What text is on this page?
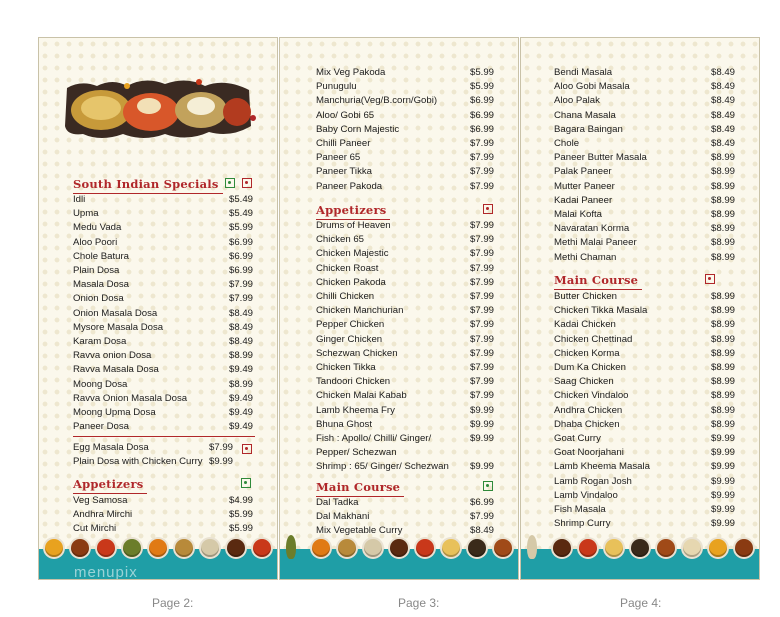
South Indian Specials
Idli	$5.49
Upma	$5.49
Medu Vada	$5.99
Aloo Poori	$6.99
Chole Batura	$6.99
Plain Dosa	$6.99
Masala Dosa	$7.99
Onion Dosa	$7.99
Onion Masala Dosa	$8.49
Mysore Masala Dosa	$8.49
Karam Dosa	$8.49
Ravva onion Dosa	$8.99
Ravva Masala Dosa	$9.49
Moong Dosa	$8.99
Ravva Onion Masala Dosa	$9.49
Moong Upma Dosa	$9.49
Paneer Dosa	$9.49
Egg Masala Dosa	$7.99
Plain Dosa with Chicken Curry $9.99
Appetizers
Veg Samosa	$4.99
Andhra Mirchi	$5.99
Cut Mirchi	$5.99
menupix
Mix Veg Pakoda	$5.99
Punugulu	$5.99
Manchuria(Veg/B.corn/Gobi)	$6.99
Aloo/ Gobi 65	$6.99
Baby Corn Majestic	$6.99
Chilli Paneer	$7.99
Paneer 65	$7.99
Paneer Tikka	$7.99
Paneer Pakoda	$7.99
Appetizers
Drums of Heaven	$7.99
Chicken 65	$7.99
Chicken Majestic	$7.99
Chicken Roast	$7.99
Chicken Pakoda	$7.99
Chilli Chicken	$7.99
Chicken Manchurian	$7.99
Pepper Chicken	$7.99
Ginger Chicken	$7.99
Schezwan Chicken	$7.99
Chicken Tikka	$7.99
Tandoori Chicken	$7.99
Chicken Malai Kabab	$7.99
Lamb Kheema Fry	$9.99
Bhuna Ghost	$9.99
Fish : Apollo/ Chilli/ Ginger/	$9.99
Pepper/ Schezwan
Shrimp : 65/ Ginger/ Schezwan $9.99
Main Course
Dal Tadka	$6.99
Dal Makhani	$7.99
Mix Vegetable Curry	$8.49
Bendi Masala	$8.49
Aloo Gobi Masala	$8.49
Aloo Palak	$8.49
Chana Masala	$8.49
Bagara Baingan	$8.49
Chole	$8.49
Paneer Butter Masala	$8.99
Palak Paneer	$8.99
Mutter Paneer	$8.99
Kadai Paneer	$8.99
Malai Kofta	$8.99
Navaratan Korma	$8.99
Methi Malai Paneer	$8.99
Methi Chaman	$8.99
Main Course
Butter Chicken	$8.99
Chicken Tikka Masala	$8.99
Kadai Chicken	$8.99
Chicken Chettinad	$8.99
Chicken Korma	$8.99
Dum Ka Chicken	$8.99
Saag Chicken	$8.99
Chicken Vindaloo	$8.99
Andhra Chicken	$8.99
Dhaba Chicken	$8.99
Goat Curry	$9.99
Goat Noorjahani	$9.99
Lamb Kheema Masala	$9.99
Lamb Rogan Josh	$9.99
Lamb Vindaloo	$9.99
Fish Masala	$9.99
Shrimp Curry	$9.99
Page 2:	Page 3:	Page 4:
